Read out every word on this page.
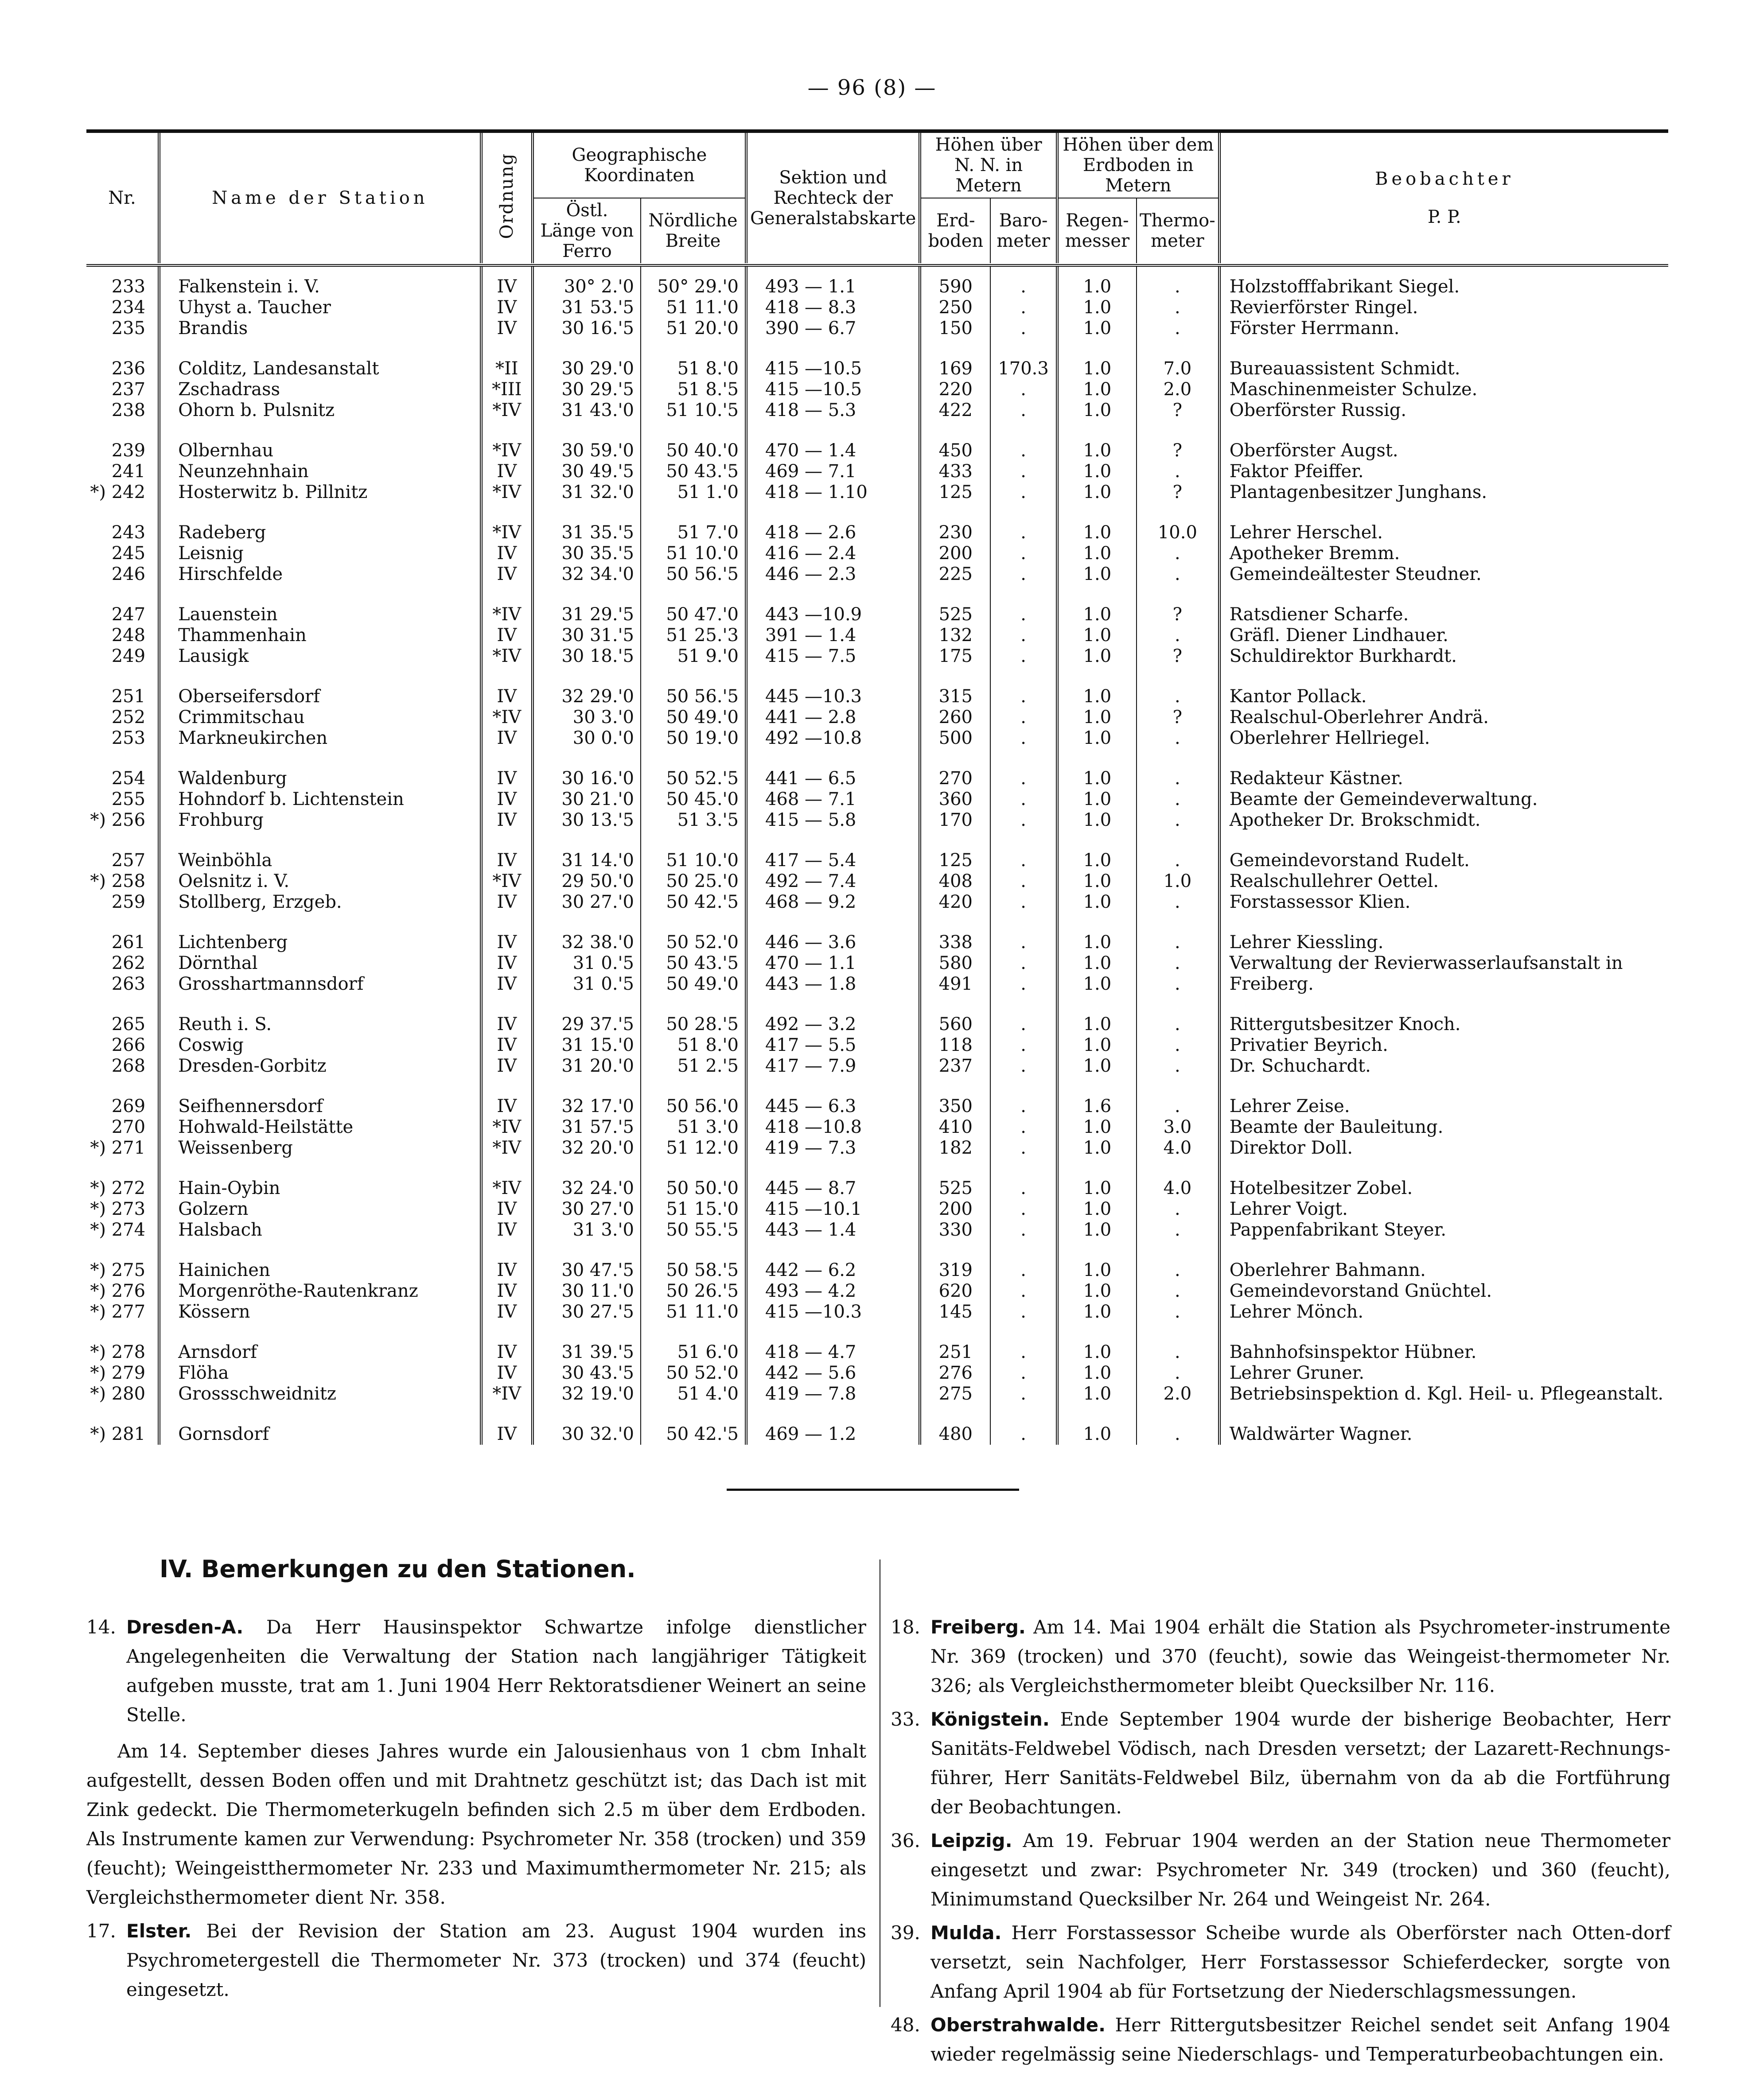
— 96 (8) —
Nr.	Name der Station	Ordnung	Geographische Koordinaten		Sektion und Rechteck der Generalstabskarte	Höhen über N. N. in Metern		Höhen über dem Erdboden in Metern		Beobachter
P. P.

			Östl. Länge von Ferro	Nördliche Breite		Erd-boden	Baro-meter	Regen-messer	Thermo-meter	

233	Falkenstein i. V.	IV	30° 2.'0	50° 29.'0	493 — 1.1	590	.	1.0	.	Holzstofffabrikant Siegel.
234	Uhyst a. Taucher	IV	31 53.'5	51 11.'0	418 — 8.3	250	.	1.0	.	Revierförster Ringel.
235	Brandis	IV	30 16.'5	51 20.'0	390 — 6.7	150	.	1.0	.	Förster Herrmann.

236	Colditz, Landesanstalt	*II	30 29.'0	51 8.'0	415 —10.5	169	170.3	1.0	7.0	Bureauassistent Schmidt.
237	Zschadrass	*III	30 29.'5	51 8.'5	415 —10.5	220	.	1.0	2.0	Maschinenmeister Schulze.
238	Ohorn b. Pulsnitz	*IV	31 43.'0	51 10.'5	418 — 5.3	422	.	1.0	?	Oberförster Russig.

239	Olbernhau	*IV	30 59.'0	50 40.'0	470 — 1.4	450	.	1.0	?	Oberförster Augst.
241	Neunzehnhain	IV	30 49.'5	50 43.'5	469 — 7.1	433	.	1.0	.	Faktor Pfeiffer.
*) 242	Hosterwitz b. Pillnitz	*IV	31 32.'0	51 1.'0	418 — 1.10	125	.	1.0	?	Plantagenbesitzer Junghans.

243	Radeberg	*IV	31 35.'5	51 7.'0	418 — 2.6	230	.	1.0	10.0	Lehrer Herschel.
245	Leisnig	IV	30 35.'5	51 10.'0	416 — 2.4	200	.	1.0	.	Apotheker Bremm.
246	Hirschfelde	IV	32 34.'0	50 56.'5	446 — 2.3	225	.	1.0	.	Gemeindeältester Steudner.

247	Lauenstein	*IV	31 29.'5	50 47.'0	443 —10.9	525	.	1.0	?	Ratsdiener Scharfe.
248	Thammenhain	IV	30 31.'5	51 25.'3	391 — 1.4	132	.	1.0	.	Gräfl. Diener Lindhauer.
249	Lausigk	*IV	30 18.'5	51 9.'0	415 — 7.5	175	.	1.0	?	Schuldirektor Burkhardt.

251	Oberseifersdorf	IV	32 29.'0	50 56.'5	445 —10.3	315	.	1.0	.	Kantor Pollack.
252	Crimmitschau	*IV	30 3.'0	50 49.'0	441 — 2.8	260	.	1.0	?	Realschul-Oberlehrer Andrä.
253	Markneukirchen	IV	30 0.'0	50 19.'0	492 —10.8	500	.	1.0	.	Oberlehrer Hellriegel.

254	Waldenburg	IV	30 16.'0	50 52.'5	441 — 6.5	270	.	1.0	.	Redakteur Kästner.
255	Hohndorf b. Lichtenstein	IV	30 21.'0	50 45.'0	468 — 7.1	360	.	1.0	.	Beamte der Gemeindeverwaltung.
*) 256	Frohburg	IV	30 13.'5	51 3.'5	415 — 5.8	170	.	1.0	.	Apotheker Dr. Brokschmidt.

257	Weinböhla	IV	31 14.'0	51 10.'0	417 — 5.4	125	.	1.0	.	Gemeindevorstand Rudelt.
*) 258	Oelsnitz i. V.	*IV	29 50.'0	50 25.'0	492 — 7.4	408	.	1.0	1.0	Realschullehrer Oettel.
259	Stollberg, Erzgeb.	IV	30 27.'0	50 42.'5	468 — 9.2	420	.	1.0	.	Forstassessor Klien.

261	Lichtenberg	IV	32 38.'0	50 52.'0	446 — 3.6	338	.	1.0	.	Lehrer Kiessling.
262	Dörnthal	IV	31 0.'5	50 43.'5	470 — 1.1	580	.	1.0	.	Verwaltung der Revierwasserlaufsanstalt in
263	Grosshartmannsdorf	IV	31 0.'5	50 49.'0	443 — 1.8	491	.	1.0	.	Freiberg.

265	Reuth i. S.	IV	29 37.'5	50 28.'5	492 — 3.2	560	.	1.0	.	Rittergutsbesitzer Knoch.
266	Coswig	IV	31 15.'0	51 8.'0	417 — 5.5	118	.	1.0	.	Privatier Beyrich.
268	Dresden-Gorbitz	IV	31 20.'0	51 2.'5	417 — 7.9	237	.	1.0	.	Dr. Schuchardt.

269	Seifhennersdorf	IV	32 17.'0	50 56.'0	445 — 6.3	350	.	1.6	.	Lehrer Zeise.
270	Hohwald-Heilstätte	*IV	31 57.'5	51 3.'0	418 —10.8	410	.	1.0	3.0	Beamte der Bauleitung.
*) 271	Weissenberg	*IV	32 20.'0	51 12.'0	419 — 7.3	182	.	1.0	4.0	Direktor Doll.

*) 272	Hain-Oybin	*IV	32 24.'0	50 50.'0	445 — 8.7	525	.	1.0	4.0	Hotelbesitzer Zobel.
*) 273	Golzern	IV	30 27.'0	51 15.'0	415 —10.1	200	.	1.0	.	Lehrer Voigt.
*) 274	Halsbach	IV	31 3.'0	50 55.'5	443 — 1.4	330	.	1.0	.	Pappenfabrikant Steyer.

*) 275	Hainichen	IV	30 47.'5	50 58.'5	442 — 6.2	319	.	1.0	.	Oberlehrer Bahmann.
*) 276	Morgenröthe-Rautenkranz	IV	30 11.'0	50 26.'5	493 — 4.2	620	.	1.0	.	Gemeindevorstand Gnüchtel.
*) 277	Kössern	IV	30 27.'5	51 11.'0	415 —10.3	145	.	1.0	.	Lehrer Mönch.

*) 278	Arnsdorf	IV	31 39.'5	51 6.'0	418 — 4.7	251	.	1.0	.	Bahnhofsinspektor Hübner.
*) 279	Flöha	IV	30 43.'5	50 52.'0	442 — 5.6	276	.	1.0	.	Lehrer Gruner.
*) 280	Grossschweidnitz	*IV	32 19.'0	51 4.'0	419 — 7.8	275	.	1.0	2.0	Betriebsinspektion d. Kgl. Heil- u. Pflegeanstalt.

*) 281	Gornsdorf	IV	30 32.'0	50 42.'5	469 — 1.2	480	.	1.0	.	Waldwärter Wagner.
IV. Bemerkungen zu den Stationen.
14. Dresden-A. Da Herr Hausinspektor Schwartze infolge dienstlicher Angelegenheiten die Verwaltung der Station nach langjähriger Tätigkeit aufgeben musste, trat am 1. Juni 1904 Herr Rektoratsdiener Weinert an seine Stelle.
Am 14. September dieses Jahres wurde ein Jalousienhaus von 1 cbm Inhalt aufgestellt, dessen Boden offen und mit Drahtnetz geschützt ist; das Dach ist mit Zink gedeckt. Die Thermometerkugeln befinden sich 2.5 m über dem Erdboden. Als Instrumente kamen zur Verwendung: Psychrometer Nr. 358 (trocken) und 359 (feucht); Weingeistthermometer Nr. 233 und Maximumthermometer Nr. 215; als Vergleichsthermometer dient Nr. 358.
17. Elster. Bei der Revision der Station am 23. August 1904 wurden ins Psychrometergestell die Thermometer Nr. 373 (trocken) und 374 (feucht) eingesetzt.
18. Freiberg. Am 14. Mai 1904 erhält die Station als Psychrometer-instrumente Nr. 369 (trocken) und 370 (feucht), sowie das Weingeist-thermometer Nr. 326; als Vergleichsthermometer bleibt Quecksilber Nr. 116.
33. Königstein. Ende September 1904 wurde der bisherige Beobachter, Herr Sanitäts-Feldwebel Vödisch, nach Dresden versetzt; der Lazarett-Rechnungs-führer, Herr Sanitäts-Feldwebel Bilz, übernahm von da ab die Fortführung der Beobachtungen.
36. Leipzig. Am 19. Februar 1904 werden an der Station neue Thermometer eingesetzt und zwar: Psychrometer Nr. 349 (trocken) und 360 (feucht), Minimumstand Quecksilber Nr. 264 und Weingeist Nr. 264.
39. Mulda. Herr Forstassessor Scheibe wurde als Oberförster nach Otten-dorf versetzt, sein Nachfolger, Herr Forstassessor Schieferdecker, sorgte von Anfang April 1904 ab für Fortsetzung der Niederschlagsmessungen.
48. Oberstrahwalde. Herr Rittergutsbesitzer Reichel sendet seit Anfang 1904 wieder regelmässig seine Niederschlags- und Temperaturbeobachtungen ein.
